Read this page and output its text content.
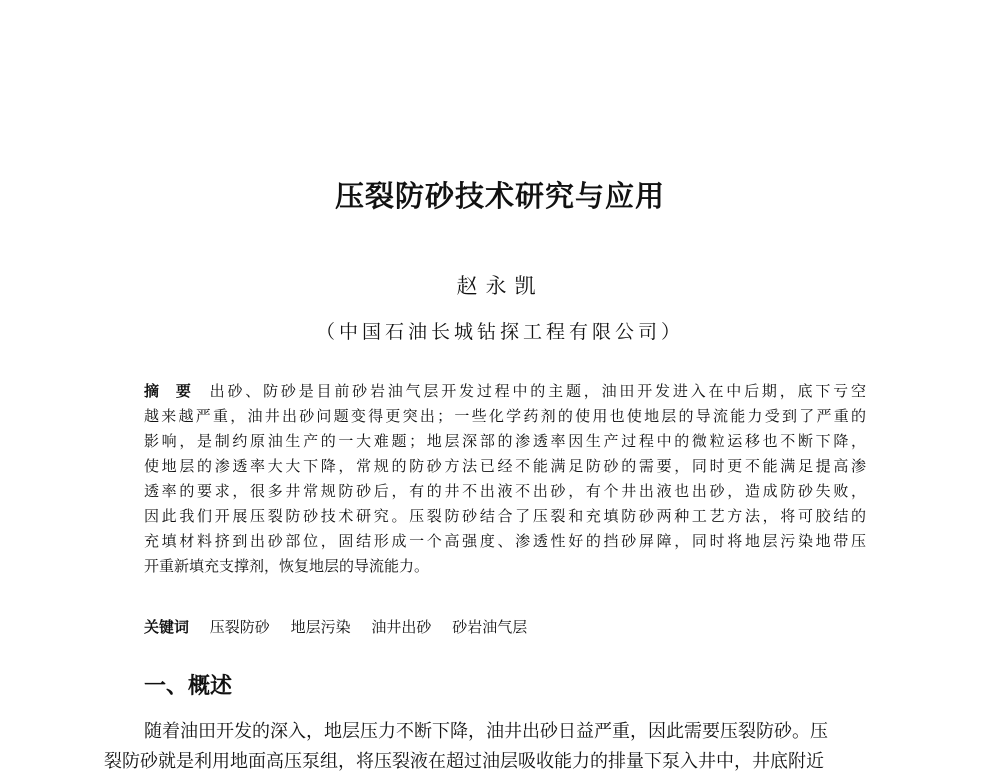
压裂防砂技术研究与应用
赵永凯
（中国石油长城钻探工程有限公司）
摘要 出砂、防砂是目前砂岩油气层开发过程中的主题，油田开发进入在中后期，底下亏空
越来越严重，油井出砂问题变得更突出；一些化学药剂的使用也使地层的导流能力受到了严重的
影响，是制约原油生产的一大难题；地层深部的渗透率因生产过程中的微粒运移也不断下降，
使地层的渗透率大大下降，常规的防砂方法已经不能满足防砂的需要，同时更不能满足提高渗
透率的要求，很多井常规防砂后，有的井不出液不出砂，有个井出液也出砂，造成防砂失败，
因此我们开展压裂防砂技术研究。压裂防砂结合了压裂和充填防砂两种工艺方法，将可胶结的
充填材料挤到出砂部位，固结形成一个高强度、渗透性好的挡砂屏障，同时将地层污染地带压
开重新填充支撑剂，恢复地层的导流能力。
关键词 压裂防砂 地层污染 油井出砂 砂岩油气层
一、概述
随着油田开发的深入，地层压力不断下降，油井出砂日益严重，因此需要压裂防砂。压
裂防砂就是利用地面高压泵组，将压裂液在超过油层吸收能力的排量下泵入井中，井底附近
